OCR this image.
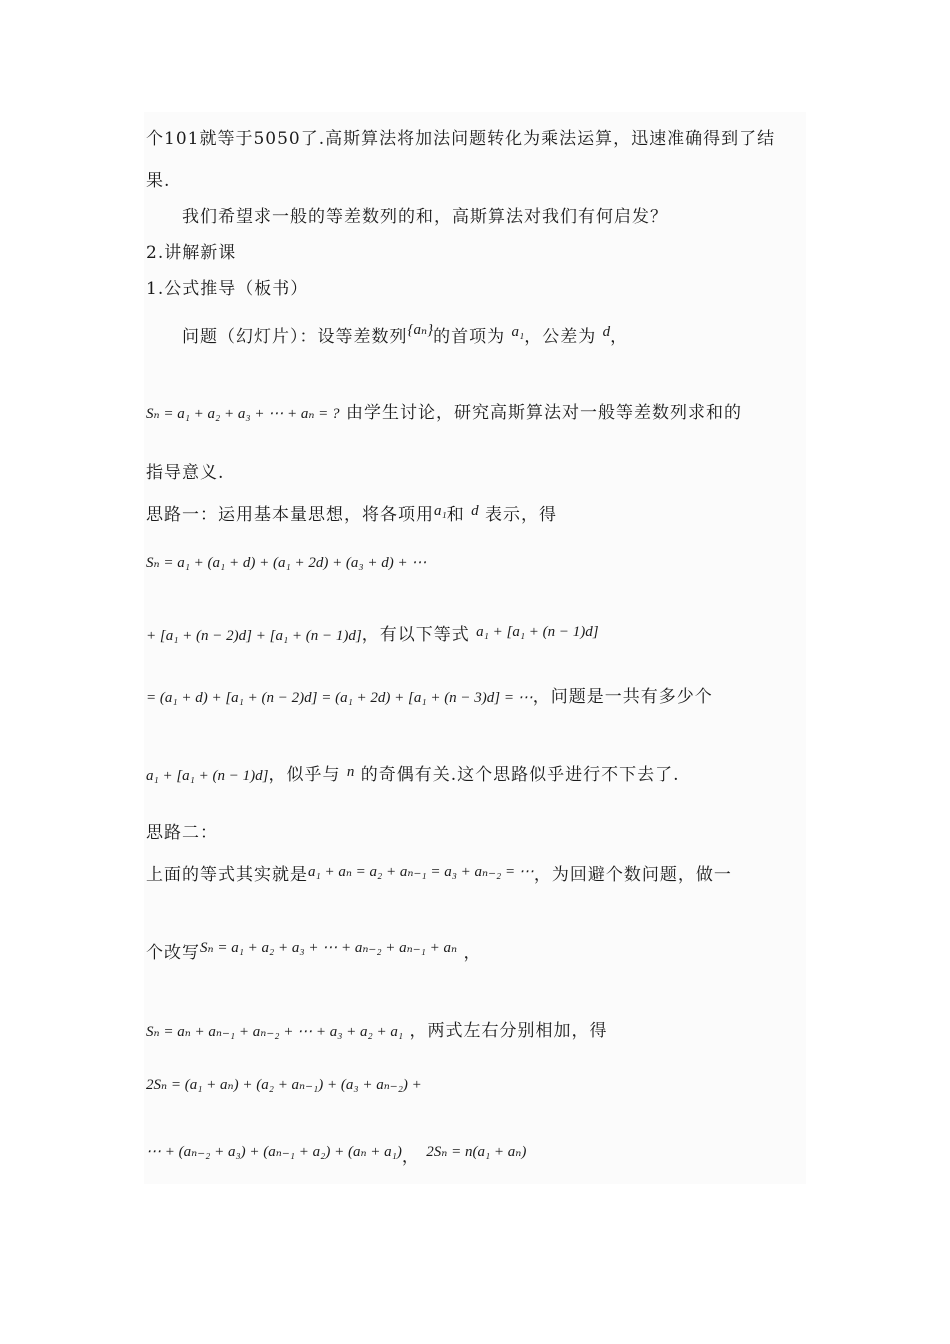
个101就等于5050了.高斯算法将加法问题转化为乘法运算，迅速准确得到了结
果.
我们希望求一般的等差数列的和，高斯算法对我们有何启发？
2.讲解新课
1.公式推导（板书）
问题（幻灯片）：设等差数列{aₙ}的首项为 a₁，公差为 d，
Sₙ = a₁ + a₂ + a₃ + ⋯ + aₙ = ? 由学生讨论，研究高斯算法对一般等差数列求和的
指导意义.
思路一：运用基本量思想，将各项用a₁和 d 表示，得
Sₙ = a₁ + (a₁ + d) + (a₁ + 2d) + (a₃ + d) + ⋯
+ [a₁ + (n − 2)d] + [a₁ + (n − 1)d]，有以下等式 a₁ + [a₁ + (n − 1)d]
= (a₁ + d) + [a₁ + (n − 2)d] = (a₁ + 2d) + [a₁ + (n − 3)d] = ⋯，问题是一共有多少个
a₁ + [a₁ + (n − 1)d]，似乎与 n 的奇偶有关.这个思路似乎进行不下去了.
思路二：
上面的等式其实就是a₁ + aₙ = a₂ + aₙ₋₁ = a₃ + aₙ₋₂ = ⋯，为回避个数问题，做一
个改写Sₙ = a₁ + a₂ + a₃ + ⋯ + aₙ₋₂ + aₙ₋₁ + aₙ ，
Sₙ = aₙ + aₙ₋₁ + aₙ₋₂ + ⋯ + a₃ + a₂ + a₁ ，两式左右分别相加，得
2Sₙ = (a₁ + aₙ) + (a₂ + aₙ₋₁) + (a₃ + aₙ₋₂) +
⋯ + (aₙ₋₂ + a₃) + (aₙ₋₁ + a₂) + (aₙ + a₁)， 2Sₙ = n(a₁ + aₙ)
